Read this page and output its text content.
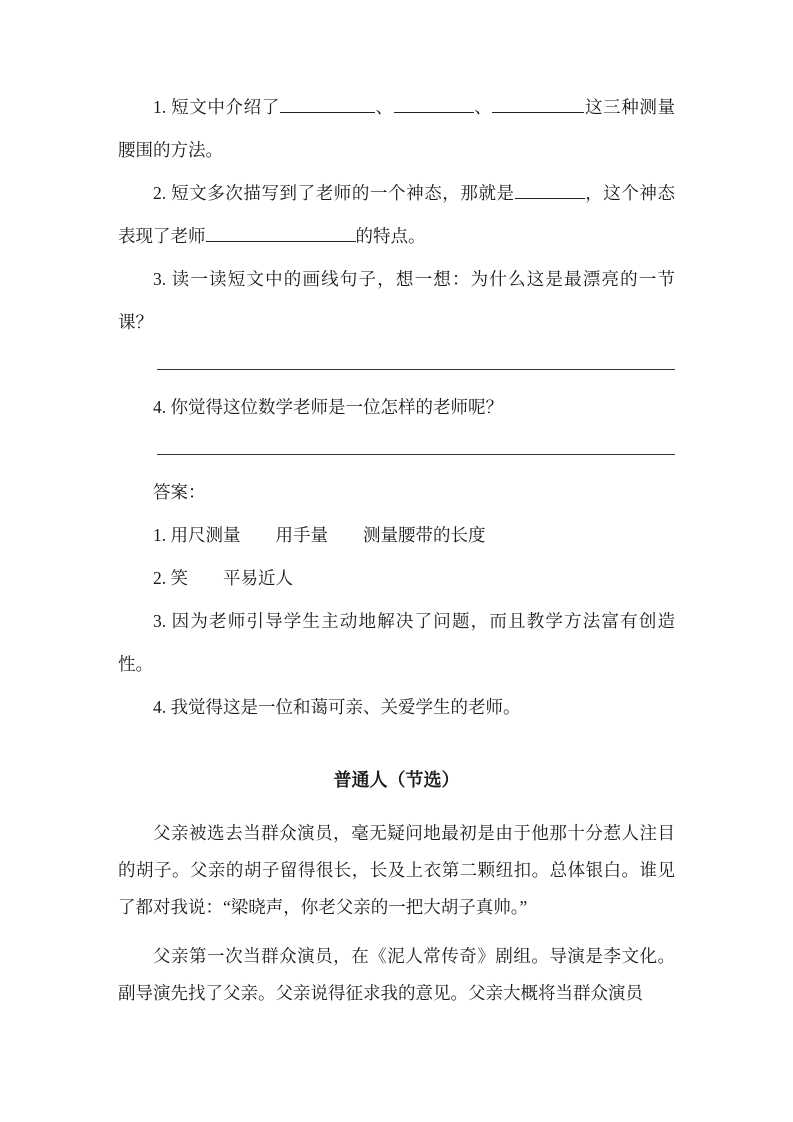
1. 短文中介绍了	、	、	这三种测量腰围的方法。

2. 短文多次描写到了老师的一个神态，那就是	，这个神态表现了老师	的特点。

3. 读一读短文中的画线句子，想一想：为什么这是最漂亮的一节课？

4. 你觉得这位数学老师是一位怎样的老师呢？

答案：

1. 用尺测量　　用手量　　测量腰带的长度

2. 笑　　平易近人

3. 因为老师引导学生主动地解决了问题，而且教学方法富有创造性。

4. 我觉得这是一位和蔼可亲、关爱学生的老师。

普通人（节选）

父亲被选去当群众演员，毫无疑问地最初是由于他那十分惹人注目的胡子。父亲的胡子留得很长，长及上衣第二颗纽扣。总体银白。谁见了都对我说：“梁晓声，你老父亲的一把大胡子真帅。”

父亲第一次当群众演员，在《泥人常传奇》剧组。导演是李文化。副导演先找了父亲。父亲说得征求我的意见。父亲大概将当群众演员
